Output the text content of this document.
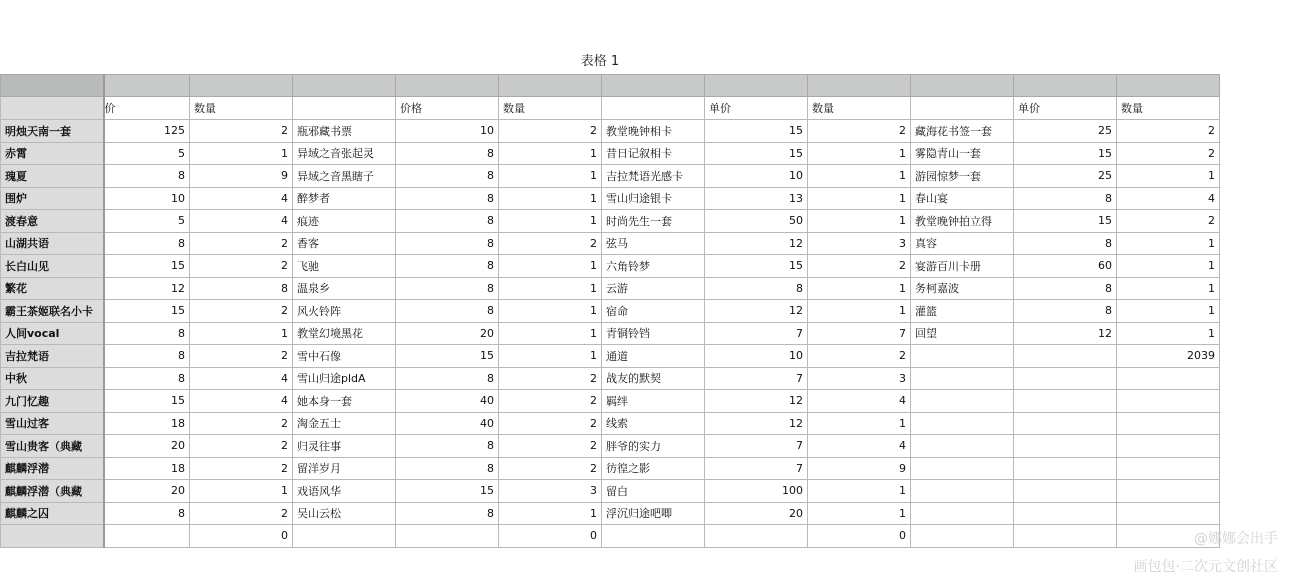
表格 1

	价	数量		价格	数量		单价	数量		单价	数量
明烛天南一套	125	2	瓶邪藏书票	10	2	教堂晚钟相卡	15	2	藏海花书签一套	25	2
赤霄	5	1	异域之音张起灵	8	1	昔日记叙相卡	15	1	雾隐青山一套	15	2
瑰夏	8	9	异域之音黑瞎子	8	1	吉拉梵语光感卡	10	1	游园惊梦一套	25	1
围炉	10	4	醉梦者	8	1	雪山归途银卡	13	1	春山宴	8	4
渡春意	5	4	痕迹	8	1	时尚先生一套	50	1	教堂晚钟拍立得	15	2
山湖共语	8	2	香客	8	2	弦马	12	3	真容	8	1
长白山见	15	2	飞驰	8	1	六角铃梦	15	2	宴游百川卡册	60	1
繁花	12	8	温泉乡	8	1	云游	8	1	务柯嘉波	8	1
霸王茶姬联名小卡	15	2	风火铃阵	8	1	宿命	12	1	灌篮	8	1
人间vocal	8	1	教堂幻境黑花	20	1	青铜铃铛	7	7	回望	12	1
吉拉梵语	8	2	雪中石像	15	1	通道	10	2			2039
中秋	8	4	雪山归途pldA	8	2	战友的默契	7	3			
九门忆趣	15	4	她本身一套	40	2	羁绊	12	4			
雪山过客	18	2	淘金五士	40	2	线索	12	1			
雪山贵客（典藏	20	2	归灵往事	8	2	胖爷的实力	7	4			
麒麟浮潜	18	2	留洋岁月	8	2	彷徨之影	7	9			
麒麟浮潜（典藏	20	1	戏语风华	15	3	留白	100	1			
麒麟之囚	8	2	吴山云松	8	1	浮沉归途吧唧	20	1			
		0			0			0				@娜娜会出手
画包包·二次元文创社区
